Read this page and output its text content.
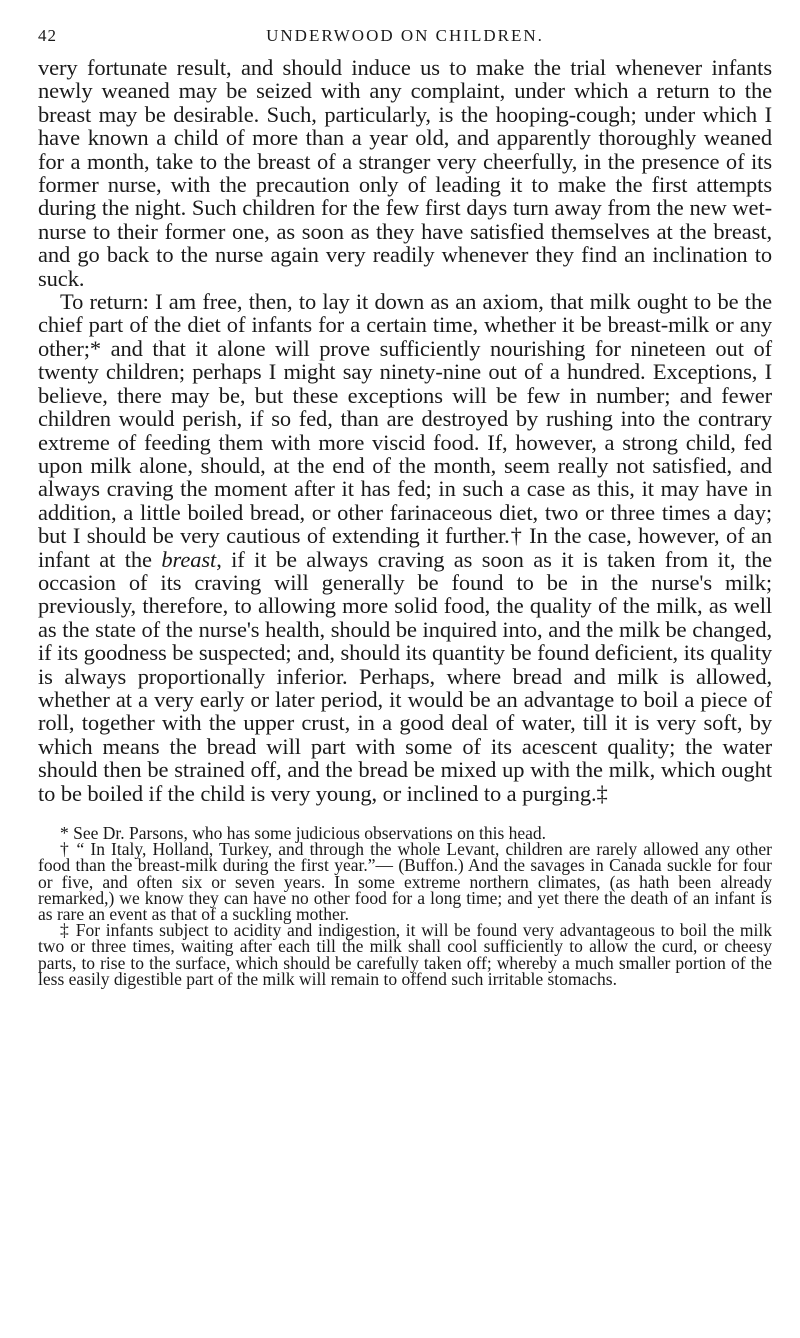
42	UNDERWOOD ON CHILDREN.

very fortunate result, and should induce us to make the trial whenever infants newly weaned may be seized with any complaint, under which a return to the breast may be desirable. Such, particularly, is the hooping-cough; under which I have known a child of more than a year old, and apparently thoroughly weaned for a month, take to the breast of a stranger very cheerfully, in the presence of its former nurse, with the precaution only of leading it to make the first attempts during the night. Such children for the few first days turn away from the new wet-nurse to their former one, as soon as they have satisfied themselves at the breast, and go back to the nurse again very readily whenever they find an inclination to suck.

To return: I am free, then, to lay it down as an axiom, that milk ought to be the chief part of the diet of infants for a certain time, whether it be breast-milk or any other;* and that it alone will prove sufficiently nourishing for nineteen out of twenty children; perhaps I might say ninety-nine out of a hundred. Exceptions, I believe, there may be, but these exceptions will be few in number; and fewer children would perish, if so fed, than are destroyed by rushing into the contrary extreme of feeding them with more viscid food. If, however, a strong child, fed upon milk alone, should, at the end of the month, seem really not satisfied, and always craving the moment after it has fed; in such a case as this, it may have in addition, a little boiled bread, or other farinaceous diet, two or three times a day; but I should be very cautious of extending it further.† In the case, however, of an infant at the breast, if it be always craving as soon as it is taken from it, the occasion of its craving will generally be found to be in the nurse's milk; previously, therefore, to allowing more solid food, the quality of the milk, as well as the state of the nurse's health, should be inquired into, and the milk be changed, if its goodness be suspected; and, should its quantity be found deficient, its quality is always proportionally inferior. Perhaps, where bread and milk is allowed, whether at a very early or later period, it would be an advantage to boil a piece of roll, together with the upper crust, in a good deal of water, till it is very soft, by which means the bread will part with some of its acescent quality; the water should then be strained off, and the bread be mixed up with the milk, which ought to be boiled if the child is very young, or inclined to a purging.‡

* See Dr. Parsons, who has some judicious observations on this head.

† “ In Italy, Holland, Turkey, and through the whole Levant, children are rarely allowed any other food than the breast-milk during the first year.”— (Buffon.) And the savages in Canada suckle for four or five, and often six or seven years. In some extreme northern climates, (as hath been already remarked,) we know they can have no other food for a long time; and yet there the death of an infant is as rare an event as that of a suckling mother.

‡ For infants subject to acidity and indigestion, it will be found very advantageous to boil the milk two or three times, waiting after each till the milk shall cool sufficiently to allow the curd, or cheesy parts, to rise to the surface, which should be carefully taken off; whereby a much smaller portion of the less easily digestible part of the milk will remain to offend such irritable stomachs.
